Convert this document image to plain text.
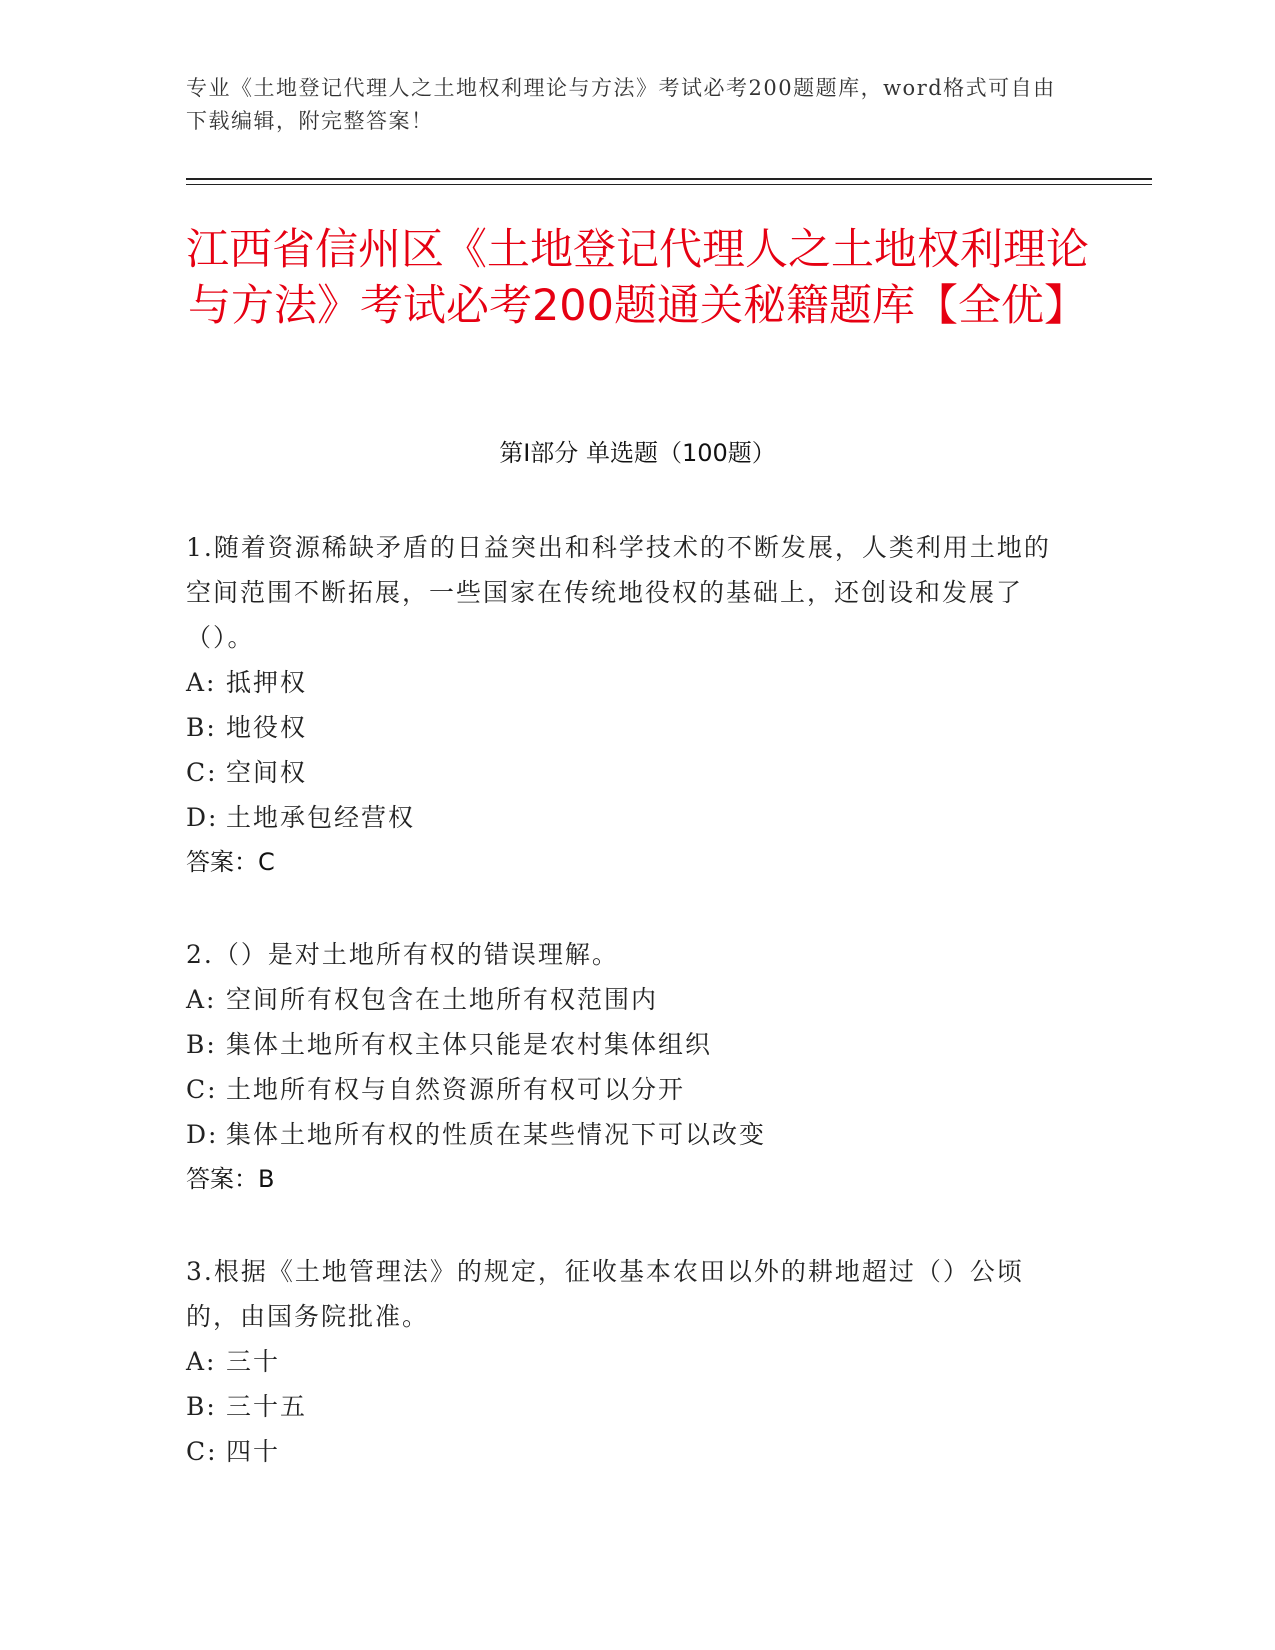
专业《土地登记代理人之土地权利理论与方法》考试必考200题题库，word格式可自由下载编辑，附完整答案！
江西省信州区《土地登记代理人之土地权利理论与方法》考试必考200题通关秘籍题库【全优】
第Ⅰ部分 单选题（100题）
1.随着资源稀缺矛盾的日益突出和科学技术的不断发展，人类利用土地的空间范围不断拓展，一些国家在传统地役权的基础上，还创设和发展了（）。
A: 抵押权
B: 地役权
C: 空间权
D: 土地承包经营权
答案：C
2.（）是对土地所有权的错误理解。
A: 空间所有权包含在土地所有权范围内
B: 集体土地所有权主体只能是农村集体组织
C: 土地所有权与自然资源所有权可以分开
D: 集体土地所有权的性质在某些情况下可以改变
答案：B
3.根据《土地管理法》的规定，征收基本农田以外的耕地超过（）公顷的，由国务院批准。
A: 三十
B: 三十五
C: 四十
